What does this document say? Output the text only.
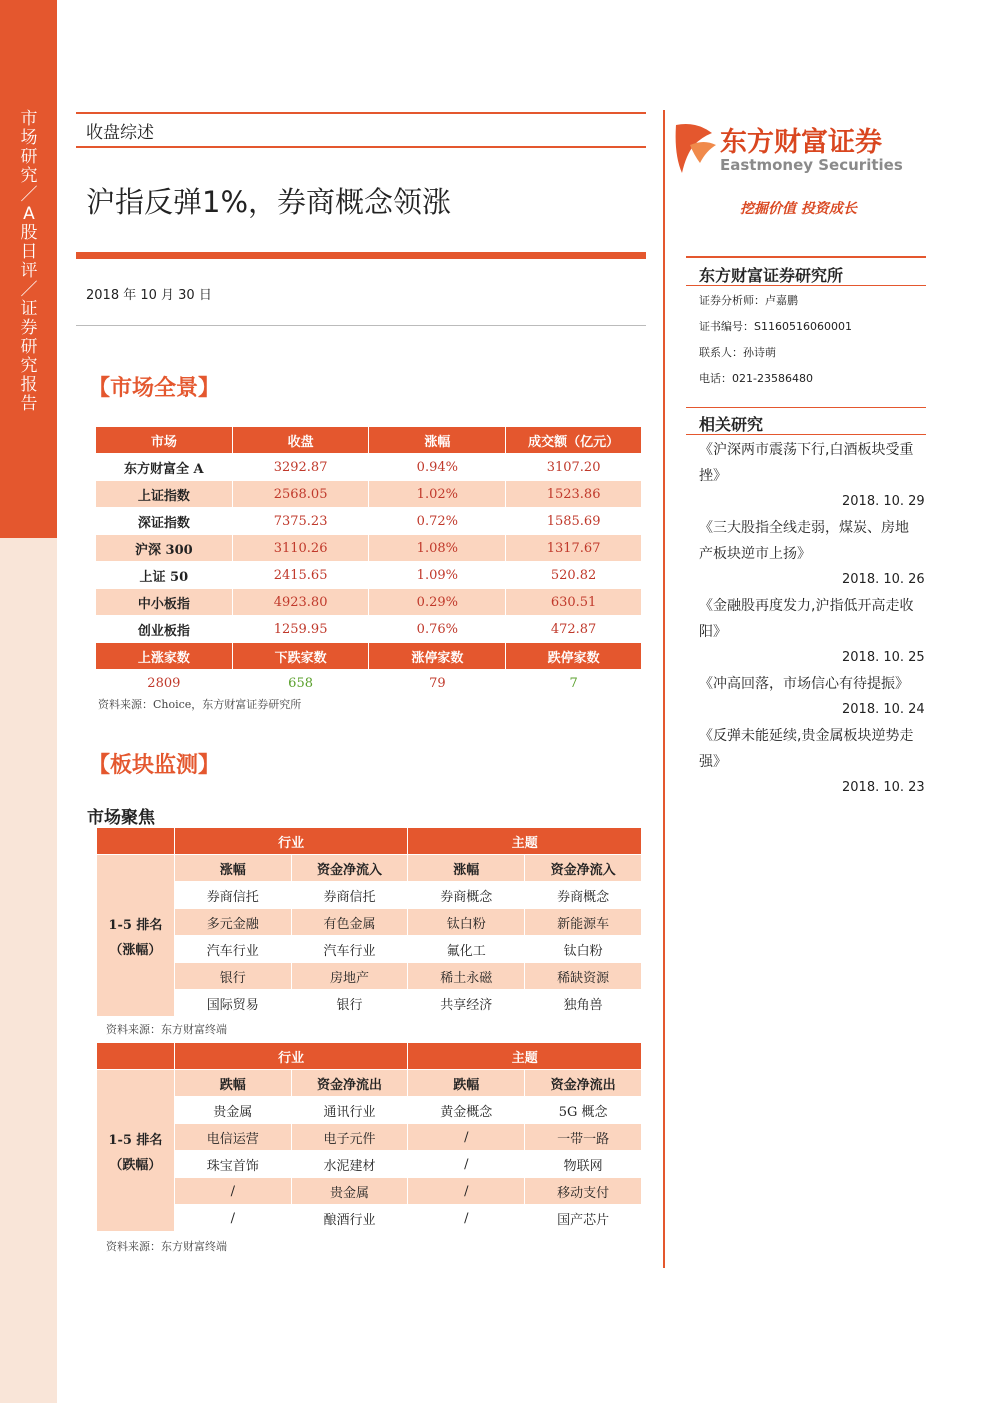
市场研究／A股日评／证券研究报告
收盘综述
沪指反弹1%，券商概念领涨
2018 年 10 月 30 日
【市场全景】
市场	收盘	涨幅	成交额（亿元）
东方财富全 A	3292.87	0.94%	3107.20
上证指数	2568.05	1.02%	1523.86
深证指数	7375.23	0.72%	1585.69
沪深 300	3110.26	1.08%	1317.67
上证 50	2415.65	1.09%	520.82
中小板指	4923.80	0.29%	630.51
创业板指	1259.95	0.76%	472.87
上涨家数	下跌家数	涨停家数	跌停家数
2809	658	79	7
资料来源：Choice，东方财富证券研究所
【板块监测】
市场聚焦
	行业		主题	

1-5 排名
（涨幅）	涨幅	资金净流入	涨幅	资金净流入
	券商信托	券商信托	券商概念	券商概念
	多元金融	有色金属	钛白粉	新能源车
	汽车行业	汽车行业	氟化工	钛白粉
	银行	房地产	稀土永磁	稀缺资源
	国际贸易	银行	共享经济	独角兽
资料来源：东方财富终端
	行业		主题	

1-5 排名
（跌幅）	跌幅	资金净流出	跌幅	资金净流出
	贵金属	通讯行业	黄金概念	5G 概念
	电信运营	电子元件	/	一带一路
	珠宝首饰	水泥建材	/	物联网
	/	贵金属	/	移动支付
	/	酿酒行业	/	国产芯片
资料来源：东方财富终端
东方财富证券
Eastmoney Securities
挖掘价值 投资成长
东方财富证券研究所
证券分析师：卢嘉鹏
证书编号：S1160516060001
联系人：孙诗萌
电话：021-23586480
相关研究
《沪深两市震荡下行,白酒板块受重挫》
2018. 10. 29
《三大股指全线走弱，煤炭、房地产板块逆市上扬》
2018. 10. 26
《金融股再度发力,沪指低开高走收阳》
2018. 10. 25
《冲高回落，市场信心有待提振》
2018. 10. 24
《反弹未能延续,贵金属板块逆势走强》
2018. 10. 23
